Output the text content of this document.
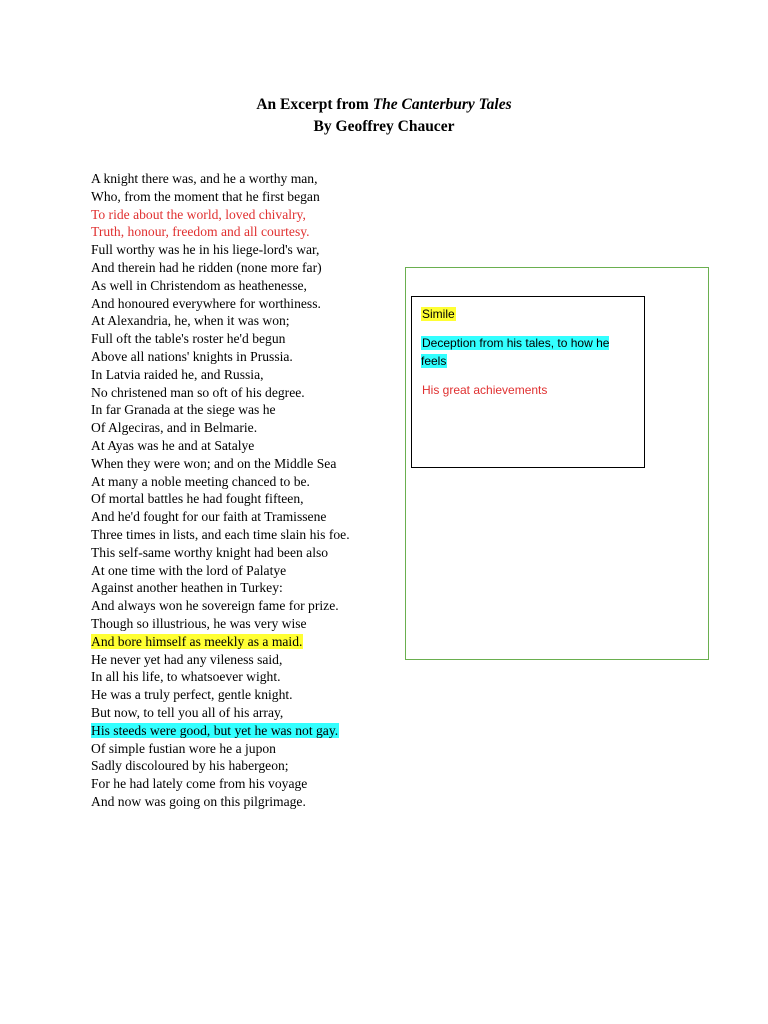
An Excerpt from The Canterbury Tales
By Geoffrey Chaucer
A knight there was, and he a worthy man,
Who, from the moment that he first began
To ride about the world, loved chivalry,
Truth, honour, freedom and all courtesy.
Full worthy was he in his liege-lord's war,
And therein had he ridden (none more far)
As well in Christendom as heathenesse,
And honoured everywhere for worthiness.
At Alexandria, he, when it was won;
Full oft the table's roster he'd begun
Above all nations' knights in Prussia.
In Latvia raided he, and Russia,
No christened man so oft of his degree.
In far Granada at the siege was he
Of Algeciras, and in Belmarie.
At Ayas was he and at Satalye
When they were won; and on the Middle Sea
At many a noble meeting chanced to be.
Of mortal battles he had fought fifteen,
And he'd fought for our faith at Tramissene
Three times in lists, and each time slain his foe.
This self-same worthy knight had been also
At one time with the lord of Palatye
Against another heathen in Turkey:
And always won he sovereign fame for prize.
Though so illustrious, he was very wise
And bore himself as meekly as a maid.
He never yet had any vileness said,
In all his life, to whatsoever wight.
He was a truly perfect, gentle knight.
But now, to tell you all of his array,
His steeds were good, but yet he was not gay.
Of simple fustian wore he a jupon
Sadly discoloured by his habergeon;
For he had lately come from his voyage
And now was going on this pilgrimage.
Simile
Deception from his tales, to how he feels
His great achievements
